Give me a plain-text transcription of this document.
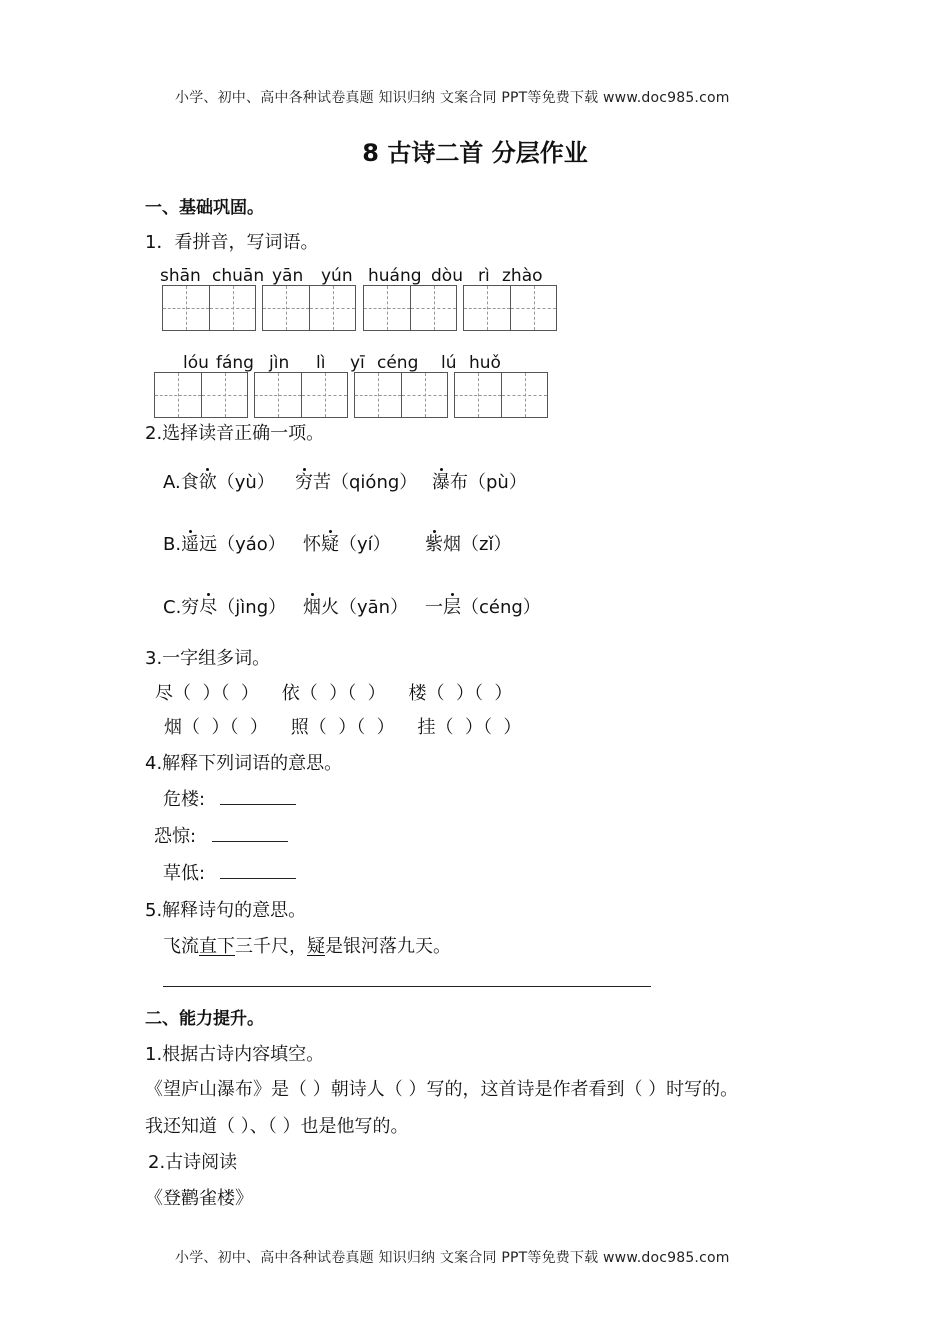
小学、初中、高中各种试卷真题 知识归纳 文案合同 PPT等免费下载 www.doc985.com
8 古诗二首 分层作业
一、基础巩固。
1．看拼音，写词语。
shān chuān yān yún huáng dòu rì zhào
lóu fáng jìn lì yī céng lú huǒ
2.选择读音正确一项。
A.食欲（yù） 穷苦（qióng） 瀑布（pù）
B.遥远（yáo） 怀疑（yí） 紫烟（zǐ）
C.穷尽（jìng） 烟火（yān） 一层（céng）
3.一字组多词。
尽（  ）（  ）    依（  ）（  ）    楼（  ）（  ）
烟（  ）（  ）    照（  ）（  ）    挂（  ）（  ）
4.解释下列词语的意思。
危楼:
恐惊:
草低:
5.解释诗句的意思。
飞流直下三千尺，疑是银河落九天。
二、能力提升。
1.根据古诗内容填空。
《望庐山瀑布》是（ ）朝诗人（ ）写的，这首诗是作者看到（ ）时写的。
我还知道（ ）、（ ）也是他写的。
2.古诗阅读
《登鹳雀楼》
小学、初中、高中各种试卷真题 知识归纳 文案合同 PPT等免费下载 www.doc985.com
